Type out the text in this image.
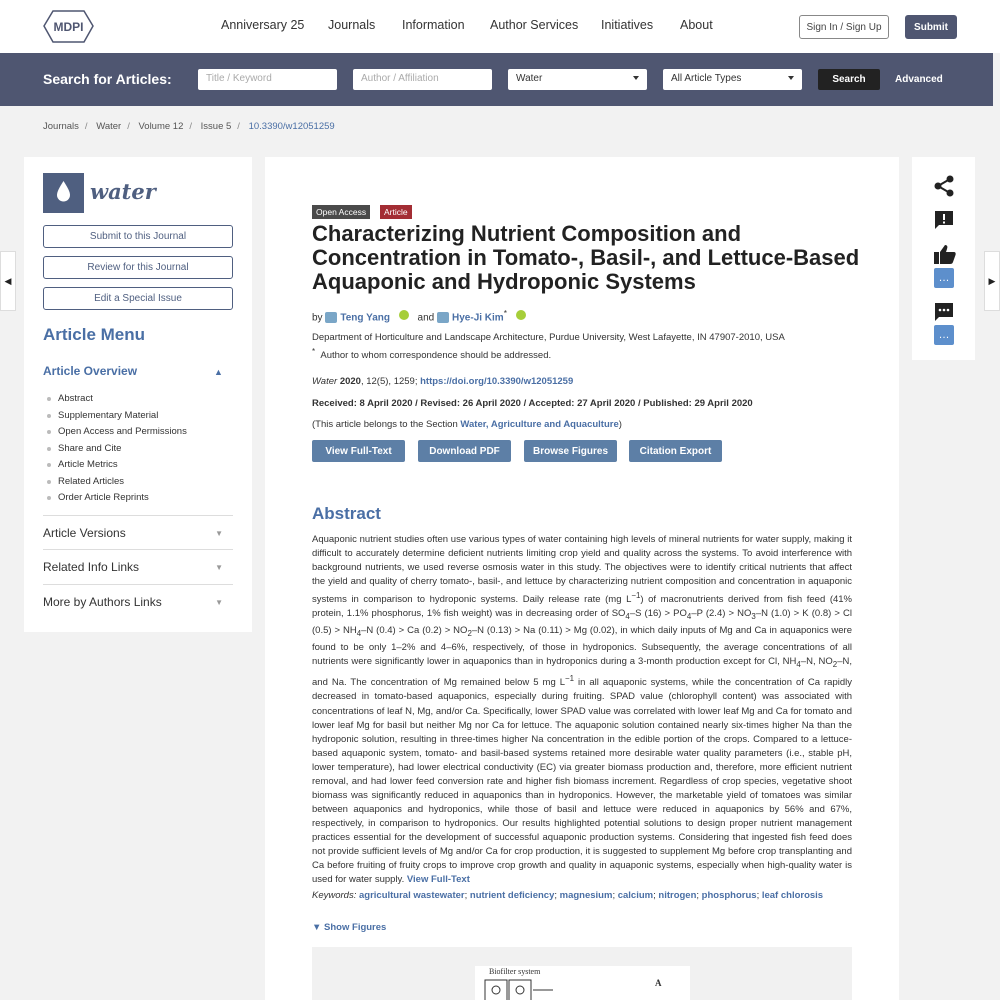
MDPI	Anniversary 25 Journals Information Author Services Initiatives About	Sign In / Sign Up	Submit
Search for Articles:	Title / Keyword	Author / Affiliation	Water	All Article Types	Search	Advanced
Journals / Water / Volume 12 / Issue 5 / 10.3390/w12051259
◀	▶
water
Submit to this Journal
Review for this Journal
Edit a Special Issue
Article Menu
Article Overview	▲
Abstract
Supplementary Material
Open Access and Permissions
Share and Cite
Article Metrics
Related Articles
Order Article Reprints
Article Versions	▼
Related Info Links	▼
More by Authors Links	▼
Open Access	Article
Characterizing Nutrient Composition and Concentration in Tomato-, Basil-, and Lettuce-Based Aquaponic and Hydroponic Systems
by Teng Yang	and Hye-Ji Kim*
Department of Horticulture and Landscape Architecture, Purdue University, West Lafayette, IN 47907-2010, USA
* Author to whom correspondence should be addressed.
Water 2020, 12(5), 1259; https://doi.org/10.3390/w12051259
Received: 8 April 2020 / Revised: 26 April 2020 / Accepted: 27 April 2020 / Published: 29 April 2020
(This article belongs to the Section Water, Agriculture and Aquaculture)
View Full-Text	Download PDF	Browse Figures	Citation Export
Abstract
Aquaponic nutrient studies often use various types of water containing high levels of mineral nutrients for water supply, making it difficult to accurately determine deficient nutrients limiting crop yield and quality across the systems. To avoid interference with background nutrients, we used reverse osmosis water in this study. The objectives were to identify critical nutrients that affect the yield and quality of cherry tomato-, basil-, and lettuce by characterizing nutrient composition and concentration in aquaponic systems in comparison to hydroponic systems. Daily release rate (mg $L^{-1}$) of macronutrients derived from fish feed (41% protein, 1.1% phosphorus, 1% fish weight) was in decreasing order of $SO_4-S$ $(16) > PO_4-P$ $(2.4) > NO_3-N$ (1.0) > K (0.8) > Cl $(0.5) > NH_4-N$ (0.4) > Ca $(0.2) > NO_2-N$ (0.13) > Na (0.11) > Mg (0.02), in which daily inputs of Mg and Ca in aquaponics were found to be only 1–2% and 4–6%, respectively, of those in hydroponics. Subsequently, the average concentrations of all nutrients were significantly lower in aquaponics than in hydroponics during a 3-month production except for Cl, $NH_4-N$, $NO_2-N$, and Na. The concentration of Mg remained below 5 mg $L^{-1}$ in all aquaponic systems, while the concentration of Ca rapidly decreased in tomato-based aquaponics, especially during fruiting. SPAD value (chlorophyll content) was associated with concentrations of leaf N, Mg, and/or Ca. Specifically, lower SPAD value was correlated with lower leaf Mg and Ca for tomato and lower leaf Mg for basil but neither Mg nor Ca for lettuce. The aquaponic solution contained nearly six-times higher Na than the hydroponic solution, resulting in three-times higher Na concentration in the edible portion of the crops. Compared to a lettuce-based aquaponic system, tomato- and basil-based systems retained more desirable water quality parameters (i.e., stable pH, lower temperature), had lower electrical conductivity (EC) via greater biomass production and, therefore, more efficient nutrient removal, and had lower feed conversion rate and higher fish biomass increment. Regardless of crop species, vegetative shoot biomass was significantly reduced in aquaponics than in hydroponics. However, the marketable yield of tomatoes was similar between aquaponics and hydroponics, while those of basil and lettuce were reduced in aquaponics by 56% and 67%, respectively, in comparison to hydroponics. Our results highlighted potential solutions to design proper nutrient management practices essential for the development of successful aquaponic production systems. Considering that ingested fish feed does not provide sufficient levels of Mg and/or Ca for crop production, it is suggested to supplement Mg before crop transplanting and Ca before fruiting of fruity crops to improve crop growth and quality in aquaponic systems, especially when high-quality water is used for water supply. View Full-Text
Keywords: agricultural wastewater; nutrient deficiency; magnesium; calcium; nitrogen; phosphorus; leaf chlorosis
▼ Show Figures
Biofilter system
A
…
…
